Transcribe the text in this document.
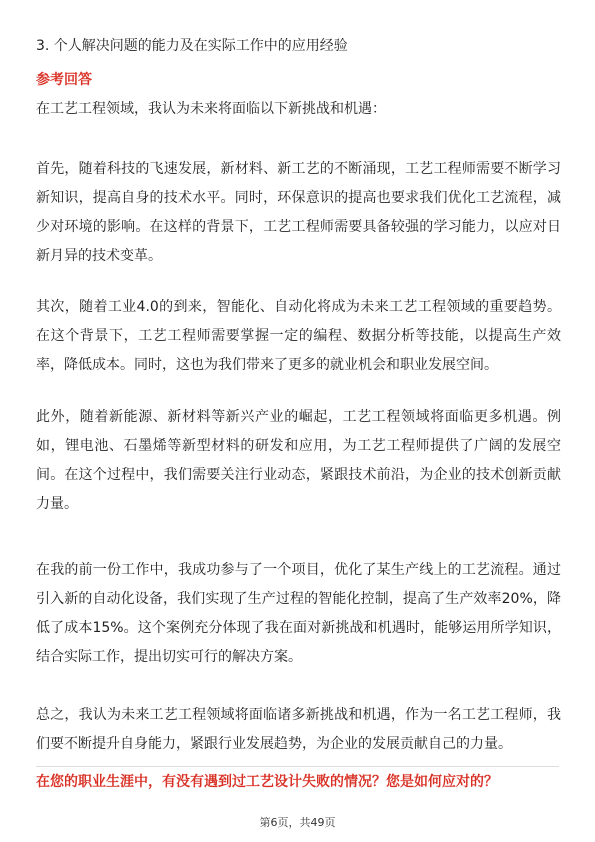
3. 个人解决问题的能力及在实际工作中的应用经验
参考回答
在工艺工程领域，我认为未来将面临以下新挑战和机遇：
首先，随着科技的飞速发展，新材料、新工艺的不断涌现，工艺工程师需要不断学习新知识，提高自身的技术水平。同时，环保意识的提高也要求我们优化工艺流程，减少对环境的影响。在这样的背景下，工艺工程师需要具备较强的学习能力，以应对日新月异的技术变革。
其次，随着工业4.0的到来，智能化、自动化将成为未来工艺工程领域的重要趋势。在这个背景下，工艺工程师需要掌握一定的编程、数据分析等技能，以提高生产效率，降低成本。同时，这也为我们带来了更多的就业机会和职业发展空间。
此外，随着新能源、新材料等新兴产业的崛起，工艺工程领域将面临更多机遇。例如，锂电池、石墨烯等新型材料的研发和应用，为工艺工程师提供了广阔的发展空间。在这个过程中，我们需要关注行业动态，紧跟技术前沿，为企业的技术创新贡献力量。
在我的前一份工作中，我成功参与了一个项目，优化了某生产线上的工艺流程。通过引入新的自动化设备，我们实现了生产过程的智能化控制，提高了生产效率20%，降低了成本15%。这个案例充分体现了我在面对新挑战和机遇时，能够运用所学知识，结合实际工作，提出切实可行的解决方案。
总之，我认为未来工艺工程领域将面临诸多新挑战和机遇，作为一名工艺工程师，我们要不断提升自身能力，紧跟行业发展趋势，为企业的发展贡献自己的力量。
在您的职业生涯中，有没有遇到过工艺设计失败的情况？您是如何应对的？
第6页，共49页
